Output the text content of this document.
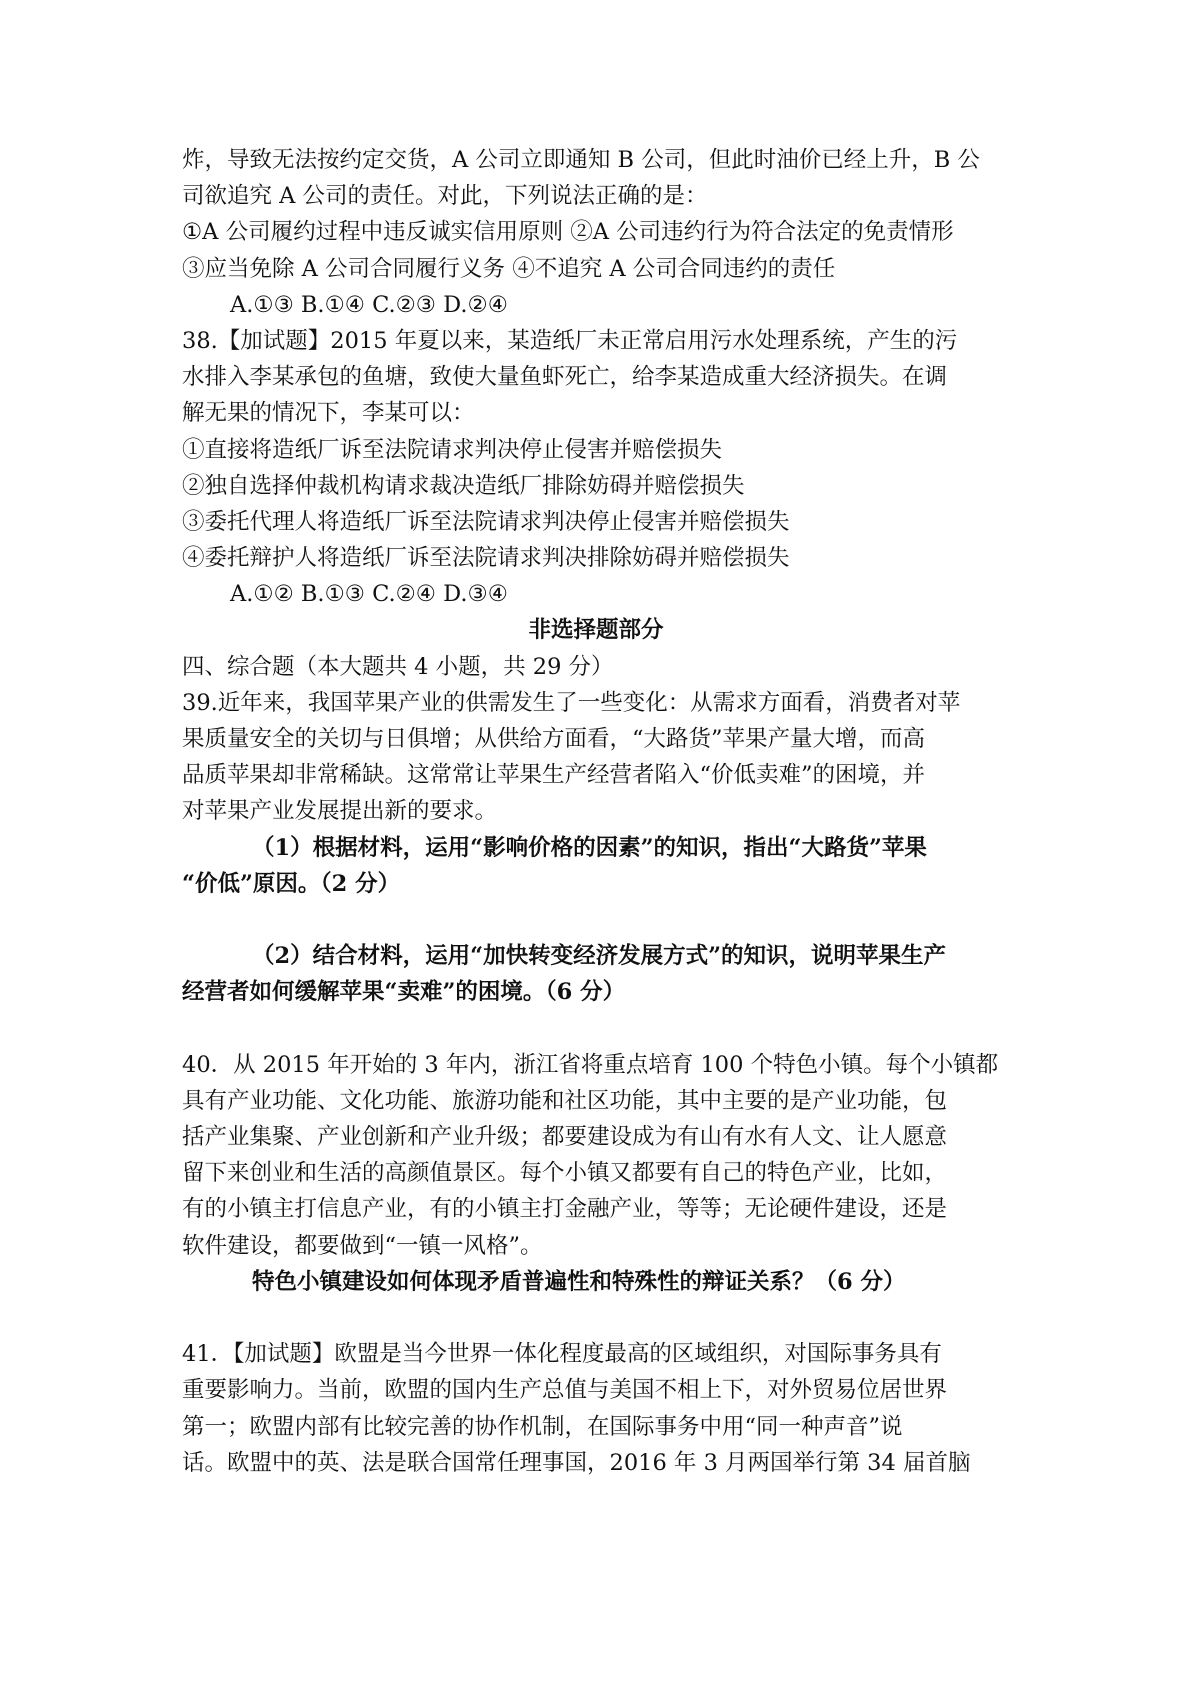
炸，导致无法按约定交货，A 公司立即通知 B 公司，但此时油价已经上升，B 公
司欲追究 A 公司的责任。对此，下列说法正确的是：
①A 公司履约过程中违反诚实信用原则 ②A 公司违约行为符合法定的免责情形
③应当免除 A 公司合同履行义务 ④不追究 A 公司合同违约的责任
A.①③ B.①④ C.②③ D.②④
38.【加试题】2015 年夏以来，某造纸厂未正常启用污水处理系统，产生的污
水排入李某承包的鱼塘，致使大量鱼虾死亡，给李某造成重大经济损失。在调
解无果的情况下，李某可以：
①直接将造纸厂诉至法院请求判决停止侵害并赔偿损失
②独自选择仲裁机构请求裁决造纸厂排除妨碍并赔偿损失
③委托代理人将造纸厂诉至法院请求判决停止侵害并赔偿损失
④委托辩护人将造纸厂诉至法院请求判决排除妨碍并赔偿损失
A.①② B.①③ C.②④ D.③④
非选择题部分
四、综合题（本大题共 4 小题，共 29 分）
39.近年来，我国苹果产业的供需发生了一些变化：从需求方面看，消费者对苹
果质量安全的关切与日俱增；从供给方面看，“大路货”苹果产量大增，而高
品质苹果却非常稀缺。这常常让苹果生产经营者陷入“价低卖难”的困境，并
对苹果产业发展提出新的要求。
（1）根据材料，运用“影响价格的因素”的知识，指出“大路货”苹果
“价低”原因。（2 分）
（2）结合材料，运用“加快转变经济发展方式”的知识，说明苹果生产
经营者如何缓解苹果“卖难”的困境。（6 分）
40．从 2015 年开始的 3 年内，浙江省将重点培育 100 个特色小镇。每个小镇都
具有产业功能、文化功能、旅游功能和社区功能，其中主要的是产业功能，包
括产业集聚、产业创新和产业升级；都要建设成为有山有水有人文、让人愿意
留下来创业和生活的高颜值景区。每个小镇又都要有自己的特色产业，比如，
有的小镇主打信息产业，有的小镇主打金融产业，等等；无论硬件建设，还是
软件建设，都要做到“一镇一风格”。
特色小镇建设如何体现矛盾普遍性和特殊性的辩证关系？（6 分）
41．【加试题】欧盟是当今世界一体化程度最高的区域组织，对国际事务具有
重要影响力。当前，欧盟的国内生产总值与美国不相上下，对外贸易位居世界
第一；欧盟内部有比较完善的协作机制，在国际事务中用“同一种声音”说
话。欧盟中的英、法是联合国常任理事国，2016 年 3 月两国举行第 34 届首脑
